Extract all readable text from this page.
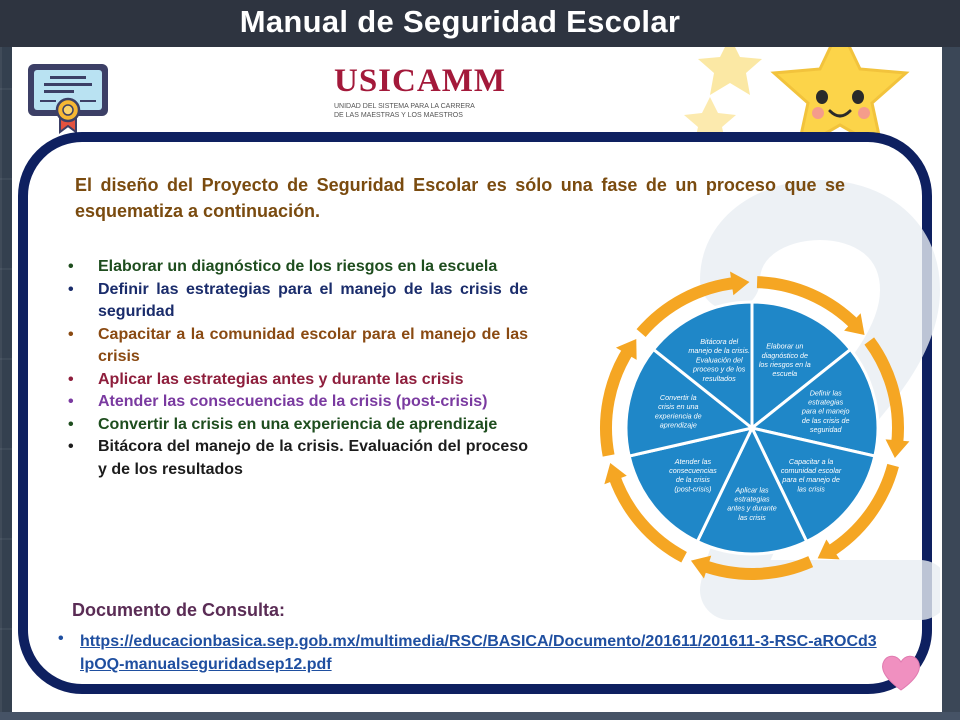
Manual de Seguridad Escolar
USICAMM
UNIDAD DEL SISTEMA PARA LA CARRERA
DE LAS MAESTRAS Y LOS MAESTROS
El diseño del Proyecto de Seguridad Escolar es sólo una fase de un proceso que se esquematiza a continuación.
• Elaborar un diagnóstico de los riesgos en la escuela
• Definir las estrategias para el manejo de las crisis de seguridad
• Capacitar a la comunidad escolar para el manejo de las crisis
• Aplicar las estrategias antes y durante las crisis
• Atender las consecuencias de la crisis (post-crisis)
• Convertir la crisis en una experiencia de aprendizaje
• Bitácora del manejo de la crisis. Evaluación del proceso y de los resultados
Elaborar un diagnóstico de los riesgos en la escuela
Definir las estrategias para el manejo de las crisis de seguridad
Capacitar a la comunidad escolar para el manejo de las crisis
Aplicar las estrategias antes y durante las crisis
Atender las consecuencias de la crisis (post-crisis)
Convertir la crisis en una experiencia de aprendizaje
Bitácora del manejo de la crisis. Evaluación del proceso y de los resultados
Documento de Consulta:
• https://educacionbasica.sep.gob.mx/multimedia/RSC/BASICA/Documento/201611/201611-3-RSC-aROCd3lpOQ-manualseguridadsep12.pdf
